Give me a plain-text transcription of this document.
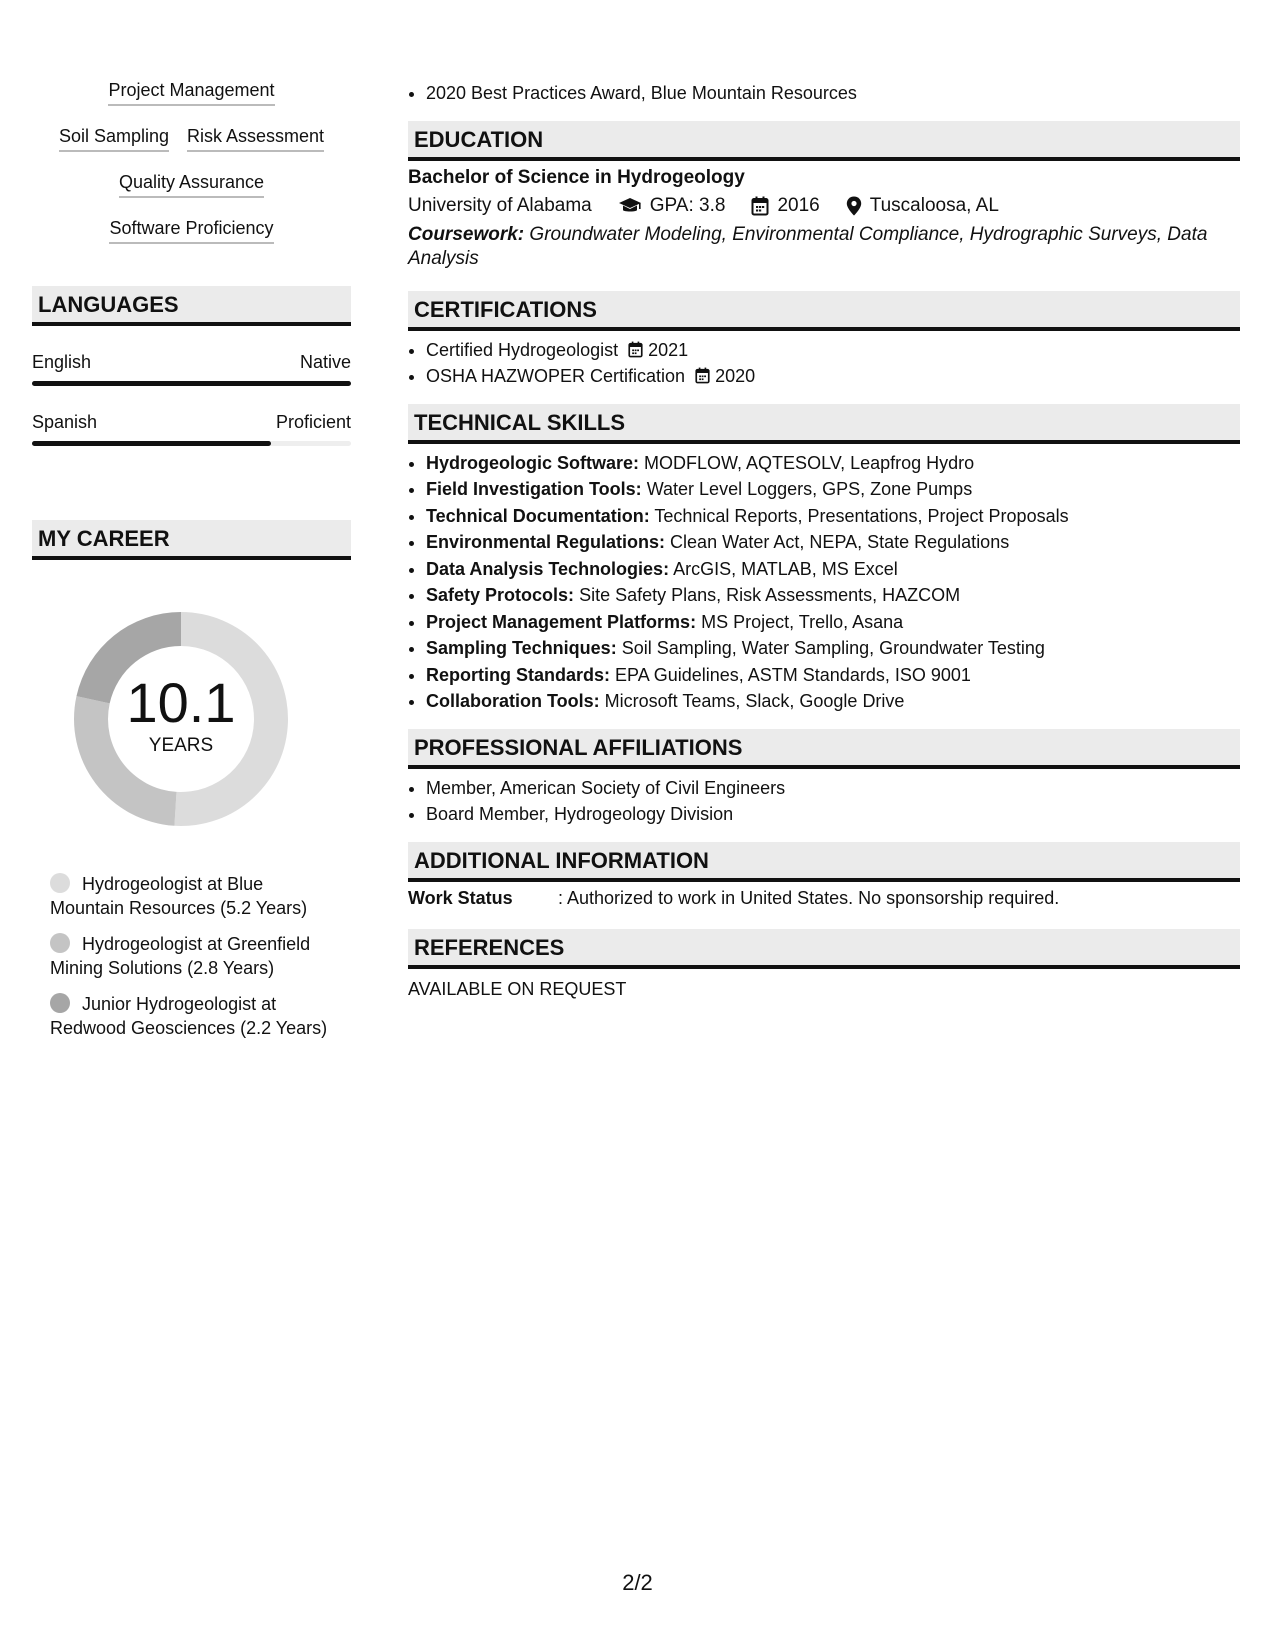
Project Management
Soil Sampling Risk Assessment
Quality Assurance
Software Proficiency
LANGUAGES
English	Native
Spanish	Proficient
MY CAREER
10.1
YEARS
Hydrogeologist at Blue Mountain Resources (5.2 Years)
Hydrogeologist at Greenfield Mining Solutions (2.8 Years)
Junior Hydrogeologist at Redwood Geosciences (2.2 Years)
• 2020 Best Practices Award, Blue Mountain Resources
EDUCATION
Bachelor of Science in Hydrogeology
University of Alabama	GPA: 3.8	2016	Tuscaloosa, AL
Coursework: Groundwater Modeling, Environmental Compliance, Hydrographic Surveys, Data Analysis
CERTIFICATIONS
• Certified Hydrogeologist 2021
• OSHA HAZWOPER Certification 2020
TECHNICAL SKILLS
• Hydrogeologic Software: MODFLOW, AQTESOLV, Leapfrog Hydro
• Field Investigation Tools: Water Level Loggers, GPS, Zone Pumps
• Technical Documentation: Technical Reports, Presentations, Project Proposals
• Environmental Regulations: Clean Water Act, NEPA, State Regulations
• Data Analysis Technologies: ArcGIS, MATLAB, MS Excel
• Safety Protocols: Site Safety Plans, Risk Assessments, HAZCOM
• Project Management Platforms: MS Project, Trello, Asana
• Sampling Techniques: Soil Sampling, Water Sampling, Groundwater Testing
• Reporting Standards: EPA Guidelines, ASTM Standards, ISO 9001
• Collaboration Tools: Microsoft Teams, Slack, Google Drive
PROFESSIONAL AFFILIATIONS
• Member, American Society of Civil Engineers
• Board Member, Hydrogeology Division
ADDITIONAL INFORMATION
Work Status	: Authorized to work in United States. No sponsorship required.
REFERENCES
AVAILABLE ON REQUEST
2/2
